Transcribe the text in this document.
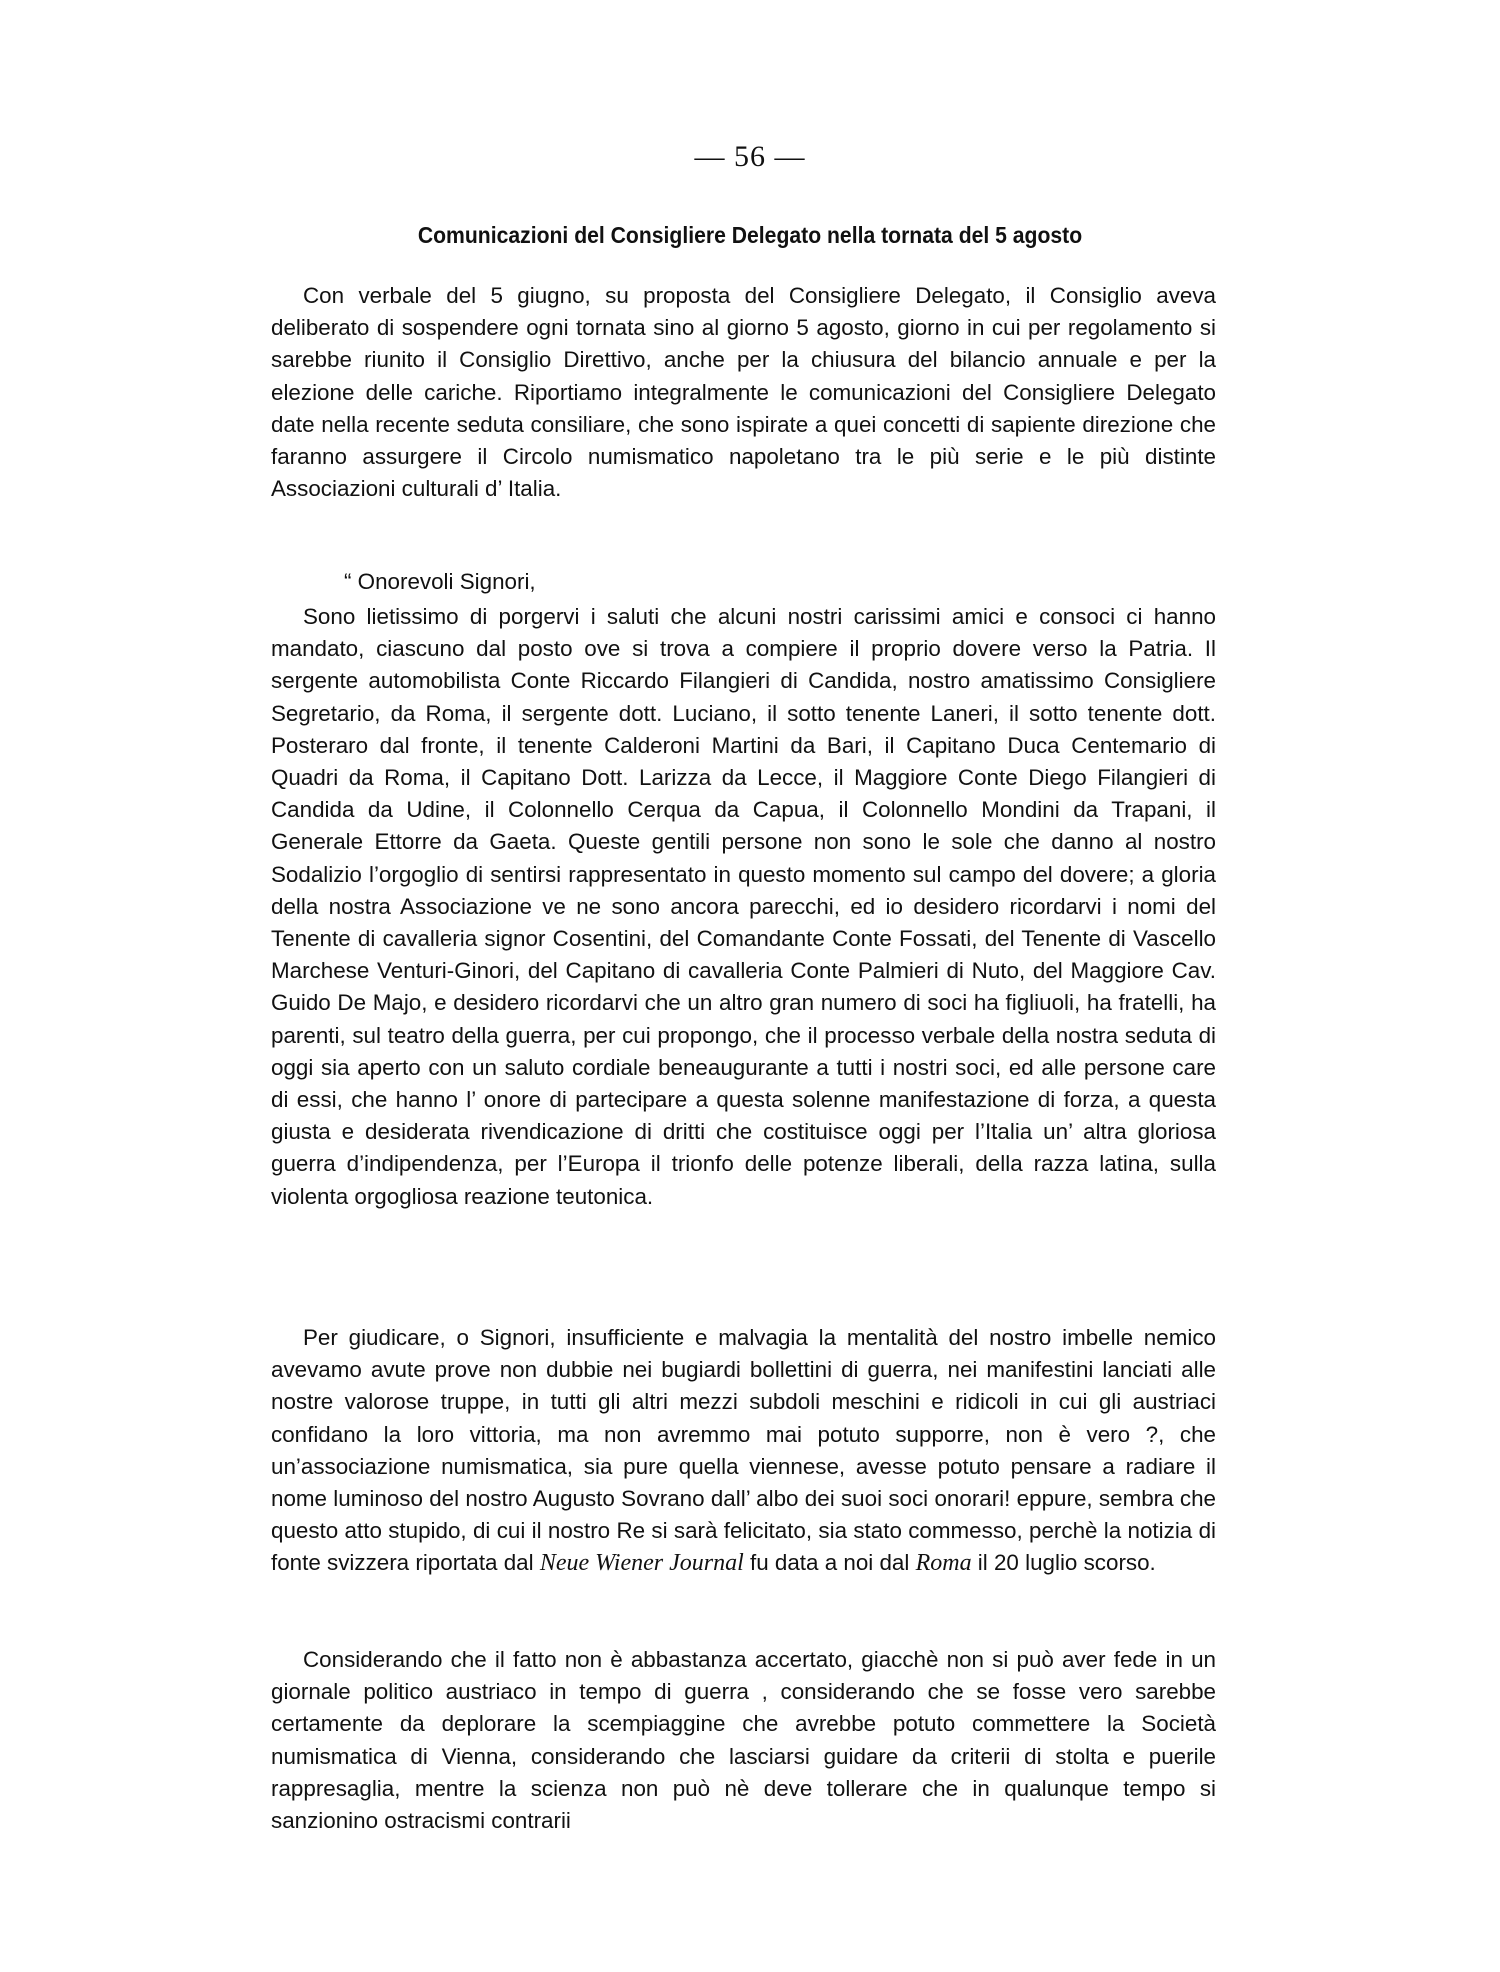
— 56 —
Comunicazioni del Consigliere Delegato nella tornata del 5 agosto

Con verbale del 5 giugno, su proposta del Consigliere Delegato, il Consiglio aveva deliberato di sospendere ogni tornata sino al giorno 5 agosto, giorno in cui per regolamento si sarebbe riunito il Consiglio Direttivo, anche per la chiusura del bilancio annuale e per la elezione delle cariche. Riportiamo integralmente le comunicazioni del Consigliere Delegato date nella recente seduta consiliare, che sono ispirate a quei concetti di sapiente direzione che faranno assurgere il Circolo numismatico napoletano tra le più serie e le più distinte Associazioni culturali d’ Italia.

“ Onorevoli Signori,

Sono lietissimo di porgervi i saluti che alcuni nostri carissimi amici e consoci ci hanno mandato, ciascuno dal posto ove si trova a compiere il proprio dovere verso la Patria. Il sergente automobilista Conte Riccardo Filangieri di Candida, nostro amatissimo Consigliere Segretario, da Roma, il sergente dott. Luciano, il sotto tenente Laneri, il sotto tenente dott. Posteraro dal fronte, il tenente Calderoni Martini da Bari, il Capitano Duca Centemario di Quadri da Roma, il Capitano Dott. Larizza da Lecce, il Maggiore Conte Diego Filangieri di Candida da Udine, il Colonnello Cerqua da Capua, il Colonnello Mondini da Trapani, il Generale Ettorre da Gaeta. Queste gentili persone non sono le sole che danno al nostro Sodalizio l’orgoglio di sentirsi rappresentato in questo momento sul campo del dovere; a gloria della nostra Associazione ve ne sono ancora parecchi, ed io desidero ricordarvi i nomi del Tenente di cavalleria signor Cosentini, del Comandante Conte Fossati, del Tenente di Vascello Marchese Venturi-Ginori, del Capitano di cavalleria Conte Palmieri di Nuto, del Maggiore Cav. Guido De Majo, e desidero ricordarvi che un altro gran numero di soci ha figliuoli, ha fratelli, ha parenti, sul teatro della guerra, per cui propongo, che il processo verbale della nostra seduta di oggi sia aperto con un saluto cordiale beneaugurante a tutti i nostri soci, ed alle persone care di essi, che hanno l’ onore di partecipare a questa solenne manifestazione di forza, a questa giusta e desiderata rivendicazione di dritti che costituisce oggi per l’Italia un’ altra gloriosa guerra d’indipendenza, per l’Europa il trionfo delle potenze liberali, della razza latina, sulla violenta orgogliosa reazione teutonica.

Per giudicare, o Signori, insufficiente e malvagia la mentalità del nostro imbelle nemico avevamo avute prove non dubbie nei bugiardi bollettini di guerra, nei manifestini lanciati alle nostre valorose truppe, in tutti gli altri mezzi subdoli meschini e ridicoli in cui gli austriaci confidano la loro vittoria, ma non avremmo mai potuto supporre, non è vero ?, che un’associazione numismatica, sia pure quella viennese, avesse potuto pensare a radiare il nome luminoso del nostro Augusto Sovrano dall’ albo dei suoi soci onorari! eppure, sembra che questo atto stupido, di cui il nostro Re si sarà felicitato, sia stato commesso, perchè la notizia di fonte svizzera riportata dal Neue Wiener Journal fu data a noi dal Roma il 20 luglio scorso.

Considerando che il fatto non è abbastanza accertato, giacchè non si può aver fede in un giornale politico austriaco in tempo di guerra , considerando che se fosse vero sarebbe certamente da deplorare la scempiaggine che avrebbe potuto commettere la Società numismatica di Vienna, considerando che lasciarsi guidare da criterii di stolta e puerile rappresaglia, mentre la scienza non può nè deve tollerare che in qualunque tempo si sanzionino ostracismi contrarii
